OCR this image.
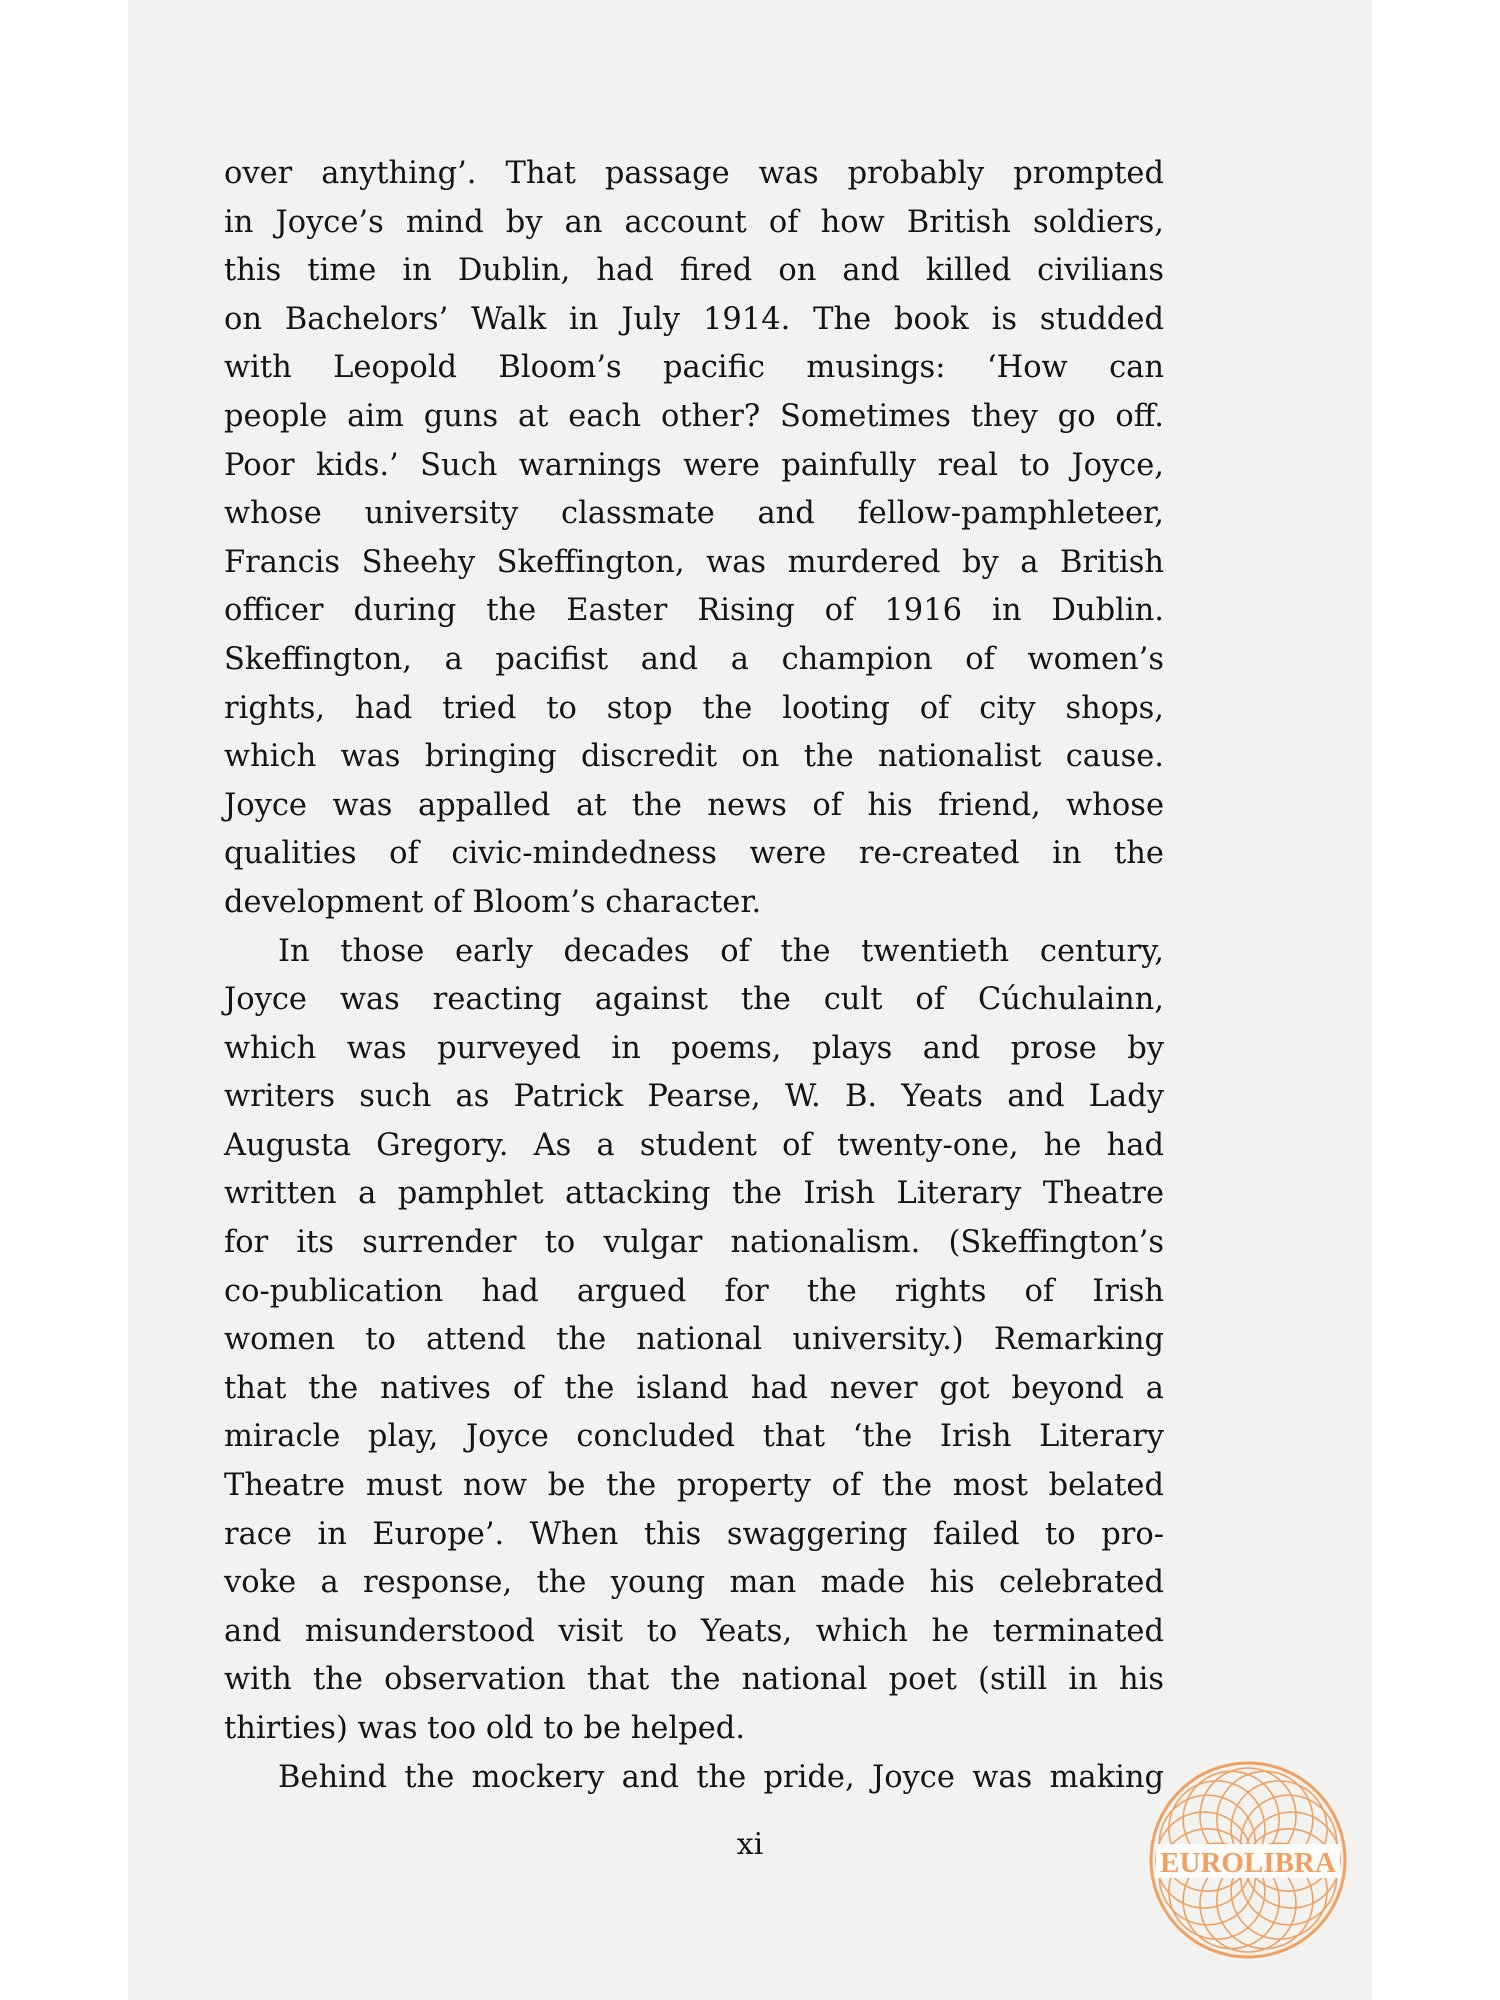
over anything’. That passage was probably prompted
in Joyce’s mind by an account of how British soldiers,
this time in Dublin, had fired on and killed civilians
on Bachelors’ Walk in July 1914. The book is studded
with Leopold Bloom’s pacific musings: ‘How can
people aim guns at each other? Sometimes they go off.
Poor kids.’ Such warnings were painfully real to Joyce,
whose university classmate and fellow-pamphleteer,
Francis Sheehy Skeffington, was murdered by a British
officer during the Easter Rising of 1916 in Dublin.
Skeffington, a pacifist and a champion of women’s
rights, had tried to stop the looting of city shops,
which was bringing discredit on the nationalist cause.
Joyce was appalled at the news of his friend, whose
qualities of civic-mindedness were re-created in the
development of Bloom’s character.
In those early decades of the twentieth century,
Joyce was reacting against the cult of Cúchulainn,
which was purveyed in poems, plays and prose by
writers such as Patrick Pearse, W. B. Yeats and Lady
Augusta Gregory. As a student of twenty-one, he had
written a pamphlet attacking the Irish Literary Theatre
for its surrender to vulgar nationalism. (Skeffington’s
co-publication had argued for the rights of Irish
women to attend the national university.) Remarking
that the natives of the island had never got beyond a
miracle play, Joyce concluded that ‘the Irish Literary
Theatre must now be the property of the most belated
race in Europe’. When this swaggering failed to pro-
voke a response, the young man made his celebrated
and misunderstood visit to Yeats, which he terminated
with the observation that the national poet (still in his
thirties) was too old to be helped.
Behind the mockery and the pride, Joyce was making
xi
EUROLIBRA
